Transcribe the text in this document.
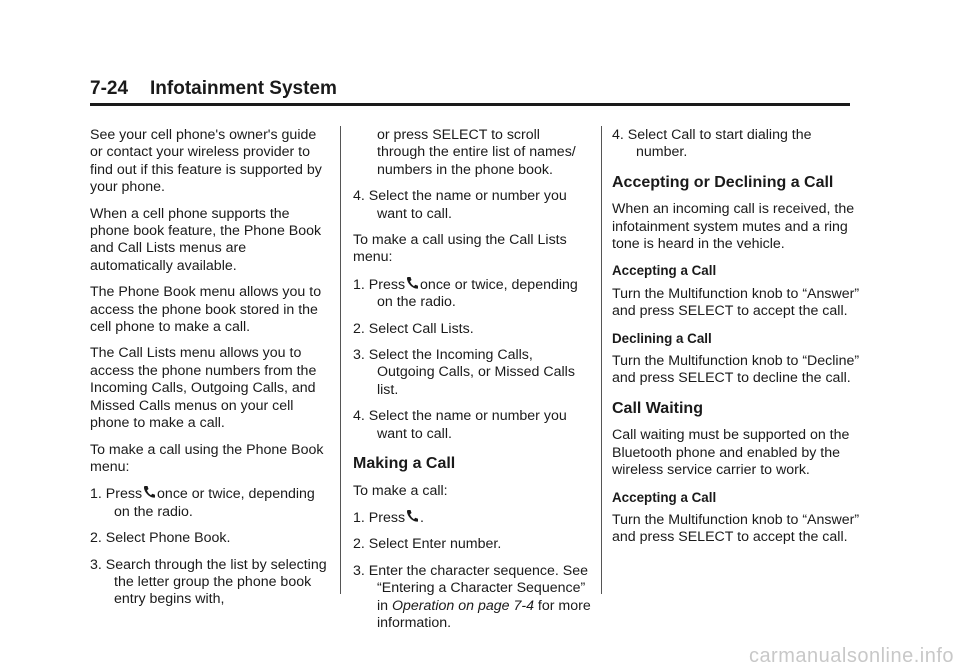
7-24 Infotainment System

See your cell phone's owner's guide or contact your wireless provider to find out if this feature is supported by your phone.

When a cell phone supports the phone book feature, the Phone Book and Call Lists menus are automatically available.

The Phone Book menu allows you to access the phone book stored in the cell phone to make a call.

The Call Lists menu allows you to access the phone numbers from the Incoming Calls, Outgoing Calls, and Missed Calls menus on your cell phone to make a call.

To make a call using the Phone Book menu:

1. Press once or twice, depending on the radio.
2. Select Phone Book.
3. Search through the list by selecting the letter group the phone book entry begins with,
or press SELECT to scroll through the entire list of names/ numbers in the phone book.
4. Select the name or number you want to call.

To make a call using the Call Lists menu:

1. Press once or twice, depending on the radio.
2. Select Call Lists.
3. Select the Incoming Calls, Outgoing Calls, or Missed Calls list.
4. Select the name or number you want to call.
Making a Call

To make a call:

1. Press .
2. Select Enter number.
3. Enter the character sequence. See “Entering a Character Sequence” in Operation on page 7-4 for more information.
4. Select Call to start dialing the number.
Accepting or Declining a Call

When an incoming call is received, the infotainment system mutes and a ring tone is heard in the vehicle.

Accepting a Call

Turn the Multifunction knob to “Answer” and press SELECT to accept the call.

Declining a Call

Turn the Multifunction knob to “Decline” and press SELECT to decline the call.

Call Waiting

Call waiting must be supported on the Bluetooth phone and enabled by the wireless service carrier to work.

Accepting a Call

Turn the Multifunction knob to “Answer” and press SELECT to accept the call.

carmanualsonline.info
